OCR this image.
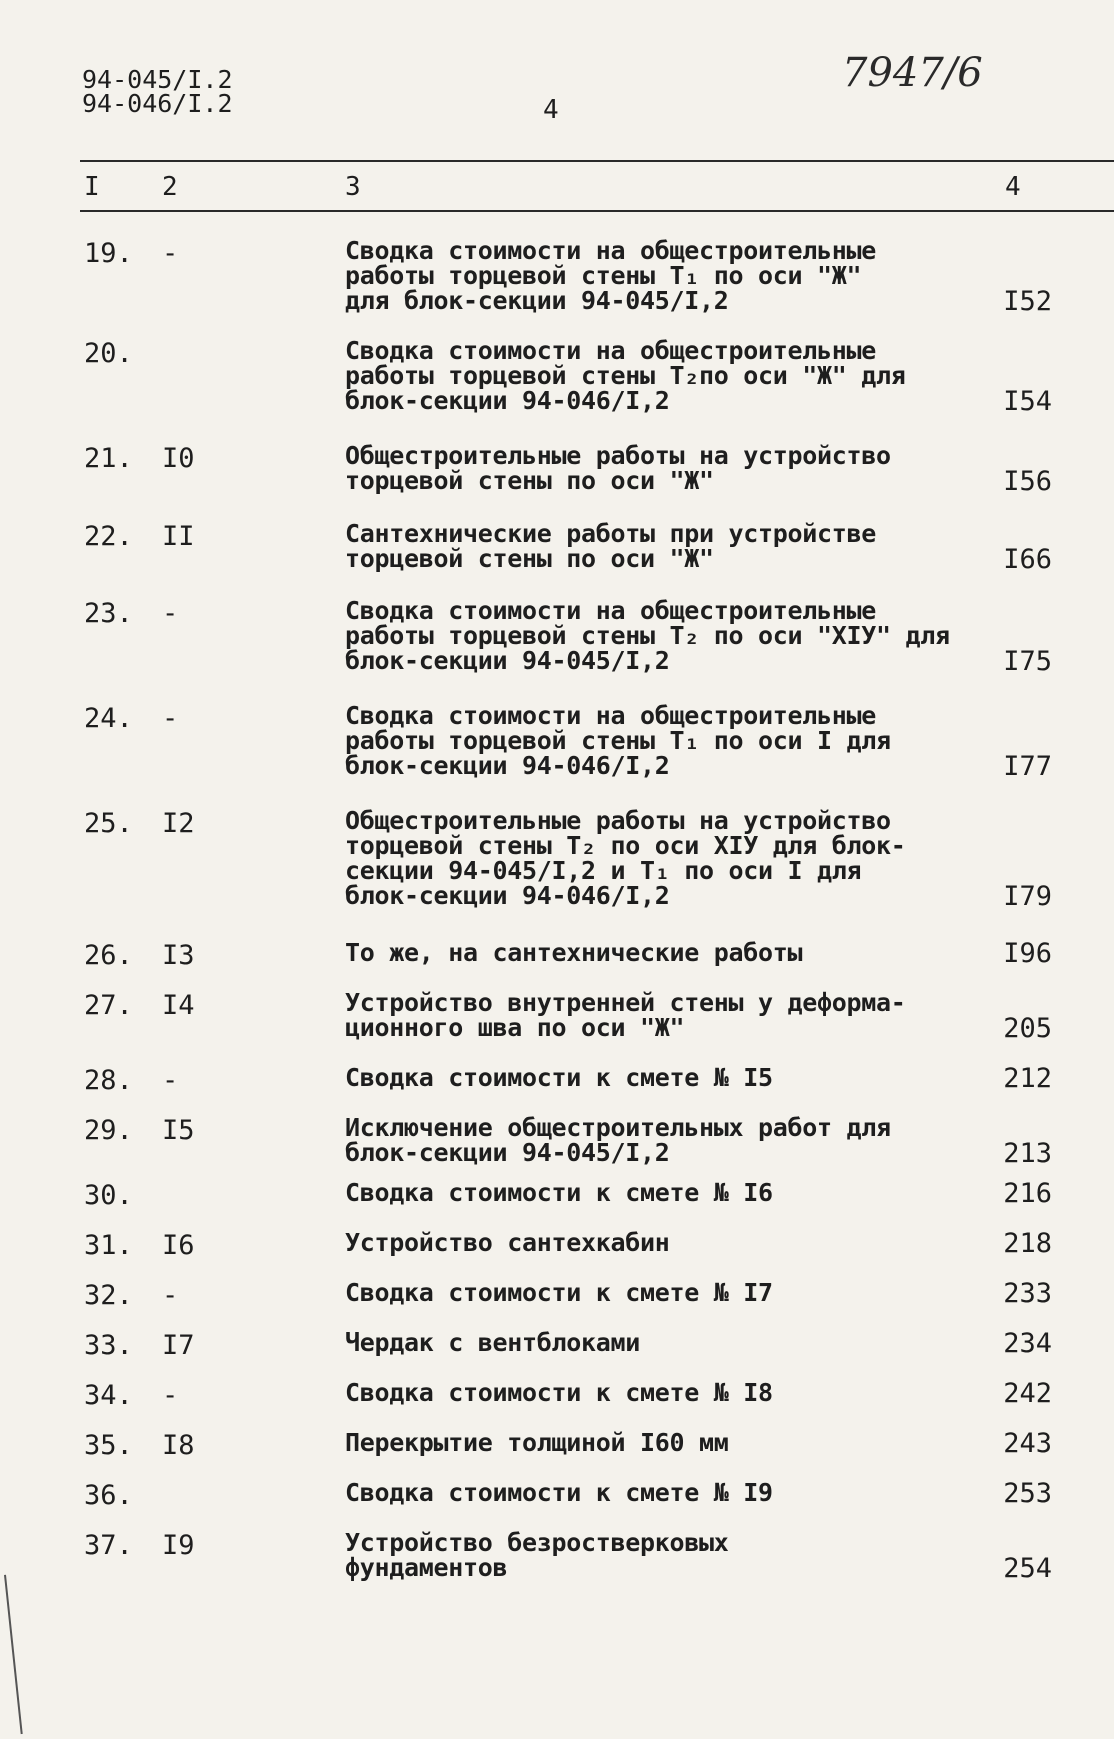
94-045/I.2
94-046/I.2	4
7947/6
I 2	3	4
19. -	Сводка стоимости на общестроительные
работы торцевой стены T₁ по оси "Ж"
для блок-секции 94-045/I,2	I52
20.	Сводка стоимости на общестроительные
работы торцевой стены T₂по оси "Ж" для
блок-секции 94-046/I,2	I54
21. I0	Общестроительные работы на устройство
торцевой стены по оси "Ж"	I56
22. II	Сантехнические работы при устройстве
торцевой стены по оси "Ж"	I66
23. -	Сводка стоимости на общестроительные
работы торцевой стены T₂ по оси "XIУ" для
блок-секции 94-045/I,2	I75
24. -	Сводка стоимости на общестроительные
работы торцевой стены T₁ по оси I для
блок-секции 94-046/I,2	I77
25. I2	Общестроительные работы на устройство
торцевой стены T₂ по оси XIУ для блок-
секции 94-045/I,2 и T₁ по оси I для
блок-секции 94-046/I,2	I79
26. I3	То же, на сантехнические работы	I96
27. I4	Устройство внутренней стены у деформа-
ционного шва по оси "Ж"	205
28. -	Сводка стоимости к смете № I5	212
29. I5	Исключение общестроительных работ для
блок-секции 94-045/I,2	213
30.	Сводка стоимости к смете № I6	216
31. I6	Устройство сантехкабин	218
32. -	Сводка стоимости к смете № I7	233
33. I7	Чердак с вентблоками	234
34. -	Сводка стоимости к смете № I8	242
35. I8	Перекрытие толщиной I60 мм	243
36.	Сводка стоимости к смете № I9	253
37. I9	Устройство безростверковых
фундаментов	254
